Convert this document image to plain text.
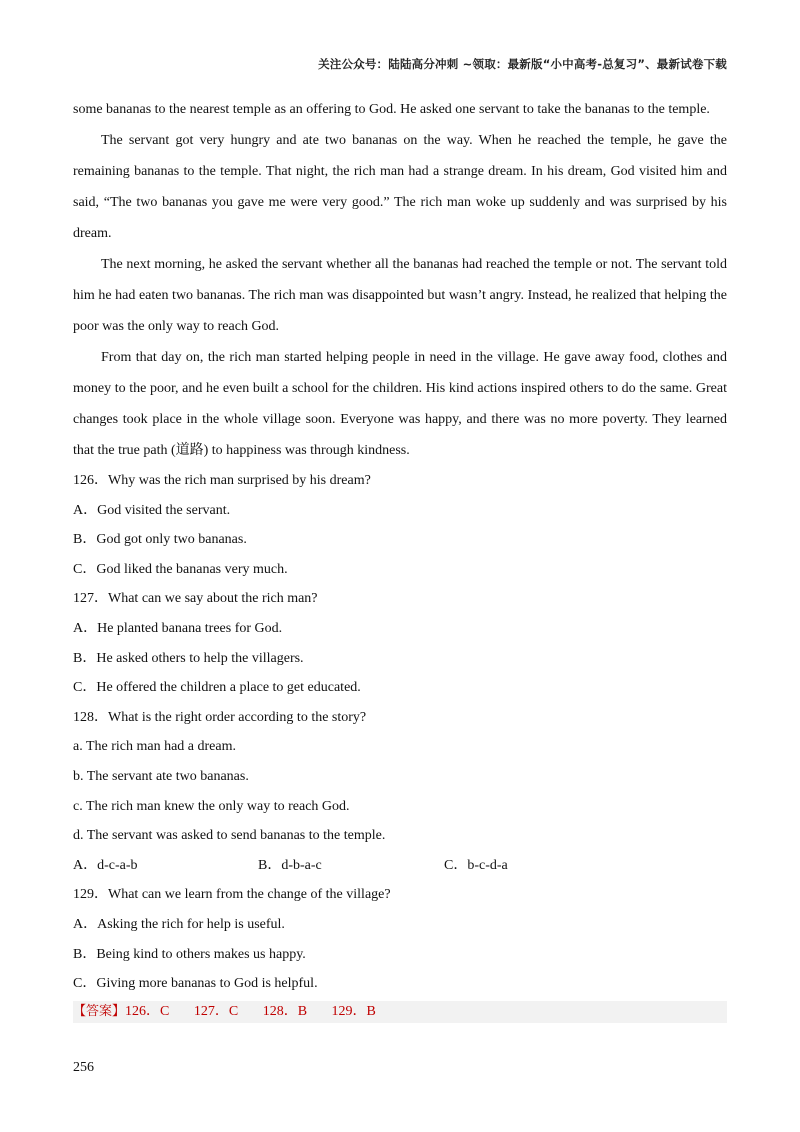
关注公众号：陆陆高分冲刺 ~领取：最新版“小中高考-总复习”、最新试卷下载

some bananas to the nearest temple as an offering to God. He asked one servant to take the bananas to the temple.

The servant got very hungry and ate two bananas on the way. When he reached the temple, he gave the remaining bananas to the temple. That night, the rich man had a strange dream. In his dream, God visited him and said, “The two bananas you gave me were very good.” The rich man woke up suddenly and was surprised by his dream.

The next morning, he asked the servant whether all the bananas had reached the temple or not. The servant told him he had eaten two bananas. The rich man was disappointed but wasn’t angry. Instead, he realized that helping the poor was the only way to reach God.

From that day on, the rich man started helping people in need in the village. He gave away food, clothes and money to the poor, and he even built a school for the children. His kind actions inspired others to do the same. Great changes took place in the whole village soon. Everyone was happy, and there was no more poverty. They learned that the true path (道路) to happiness was through kindness.

126．Why was the rich man surprised by his dream?

A．God visited the servant.

B．God got only two bananas.

C．God liked the bananas very much.

127．What can we say about the rich man?

A．He planted banana trees for God.

B．He asked others to help the villagers.

C．He offered the children a place to get educated.

128．What is the right order according to the story?

a. The rich man had a dream.

b. The servant ate two bananas.

c. The rich man knew the only way to reach God.

d. The servant was asked to send bananas to the temple.

A．d-c-a-b	B．d-b-a-c	C．b-c-d-a

129．What can we learn from the change of the village?

A．Asking the rich for help is useful.

B．Being kind to others makes us happy.

C．Giving more bananas to God is helpful.

【答案】126．C       127．C       128．B       129．B
256
